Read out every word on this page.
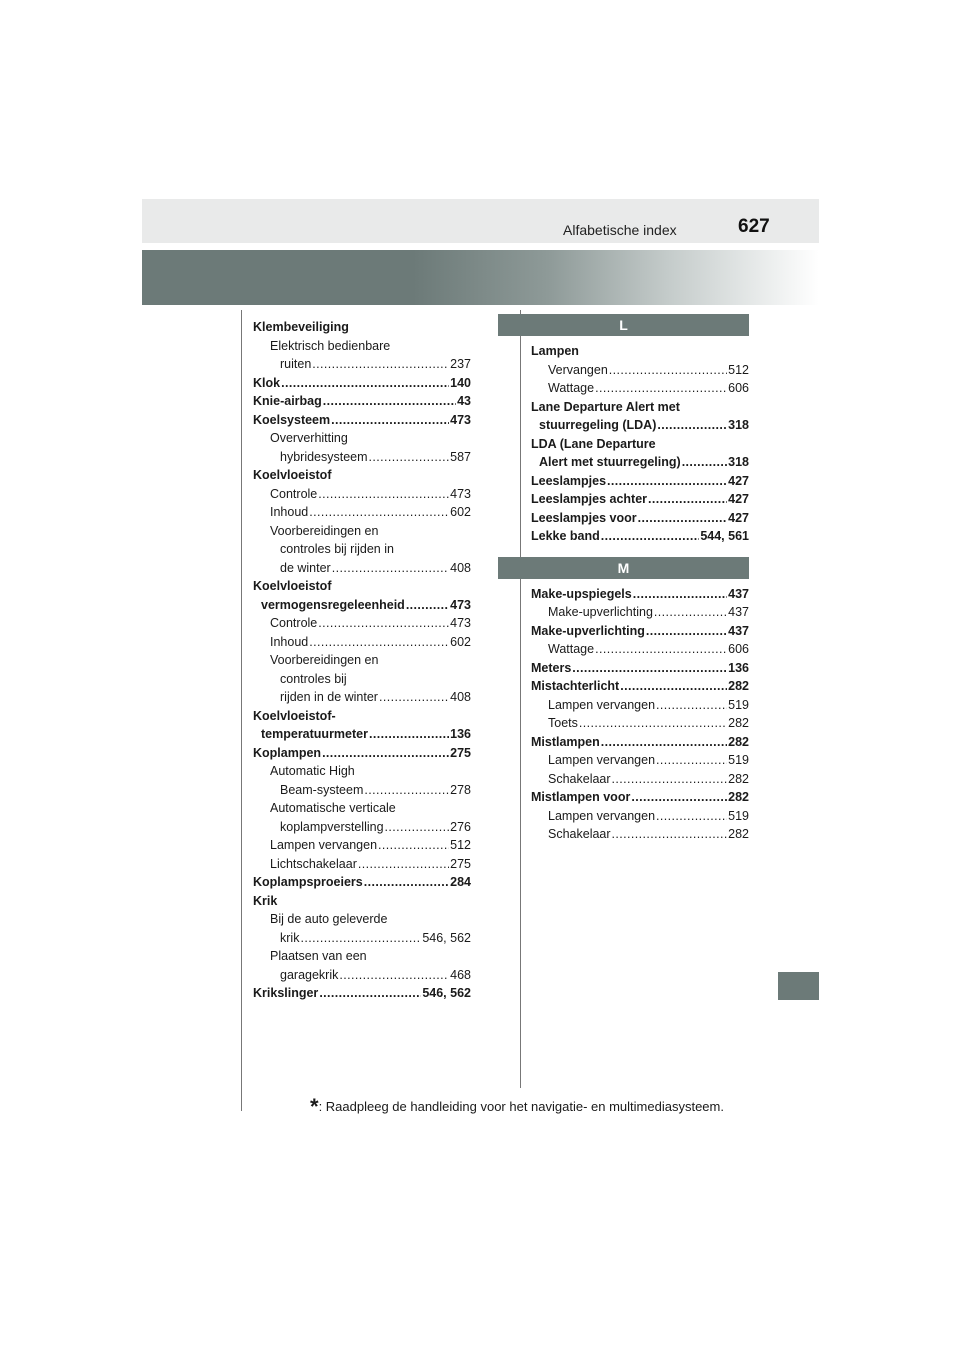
Alfabetische index	627
Klembeveiliging
Elektrisch bedienbare
ruiten .....	237
Klok .....	140
Knie-airbag .....	43
Koelsysteem .....	473
Oververhitting
hybridesysteem .....	587
Koelvloeistof
Controle .....	473
Inhoud .....	602
Voorbereidingen en
controles bij rijden in
de winter .....	408
Koelvloeistof
vermogensregeleenheid .....	473
Controle .....	473
Inhoud .....	602
Voorbereidingen en
controles bij
rijden in de winter .....	408
Koelvloeistof-
temperatuurmeter .....	136
Koplampen .....	275
Automatic High
Beam-systeem .....	278
Automatische verticale
koplampverstelling .....	276
Lampen vervangen .....	512
Lichtschakelaar .....	275
Koplampsproeiers .....	284
Krik
Bij de auto geleverde
krik .....	546, 562
Plaatsen van een
garagekrik .....	468
Krikslinger .....	546, 562
L
Lampen
Vervangen .....	512
Wattage .....	606
Lane Departure Alert met
stuurregeling (LDA) .....	318
LDA (Lane Departure
Alert met stuurregeling) .....	318
Leeslampjes .....	427
Leeslampjes achter .....	427
Leeslampjes voor .....	427
Lekke band .....	544, 561
M
Make-upspiegels .....	437
Make-upverlichting .....	437
Make-upverlichting .....	437
Wattage .....	606
Meters .....	136
Mistachterlicht .....	282
Lampen vervangen .....	519
Toets .....	282
Mistlampen .....	282
Lampen vervangen .....	519
Schakelaar .....	282
Mistlampen voor .....	282
Lampen vervangen .....	519
Schakelaar .....	282
*: Raadpleeg de handleiding voor het navigatie- en multimediasysteem.
